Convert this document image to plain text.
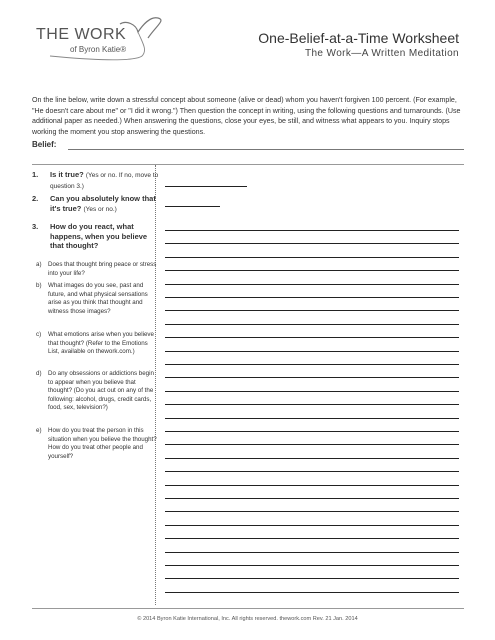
THE WORK
of Byron Katie®
One-Belief-at-a-Time Worksheet
The Work—A Written Meditation

On the line below, write down a stressful concept about someone (alive or dead) whom you haven't forgiven 100 percent. (For example, "He doesn't care about me" or "I did it wrong.") Then question the concept in writing, using the following questions and turnarounds. (Use additional paper as needed.) When answering the questions, close your eyes, be still, and witness what appears to you. Inquiry stops working the moment you stop answering the questions.

Belief:
1. Is it true? (Yes or no. If no, move to question 3.)
2. Can you absolutely know that it's true? (Yes or no.)
3. How do you react, what happens, when you believe that thought?
a) Does that thought bring peace or stress into your life?
b) What images do you see, past and future, and what physical sensations arise as you think that thought and witness those images?
c) What emotions arise when you believe that thought? (Refer to the Emotions List, available on thework.com.)
d) Do any obsessions or addictions begin to appear when you believe that thought? (Do you act out on any of the following: alcohol, drugs, credit cards, food, sex, television?)
e) How do you treat the person in this situation when you believe the thought? How do you treat other people and yourself?
© 2014 Byron Katie International, Inc. All rights reserved. thework.com Rev. 21 Jan. 2014
